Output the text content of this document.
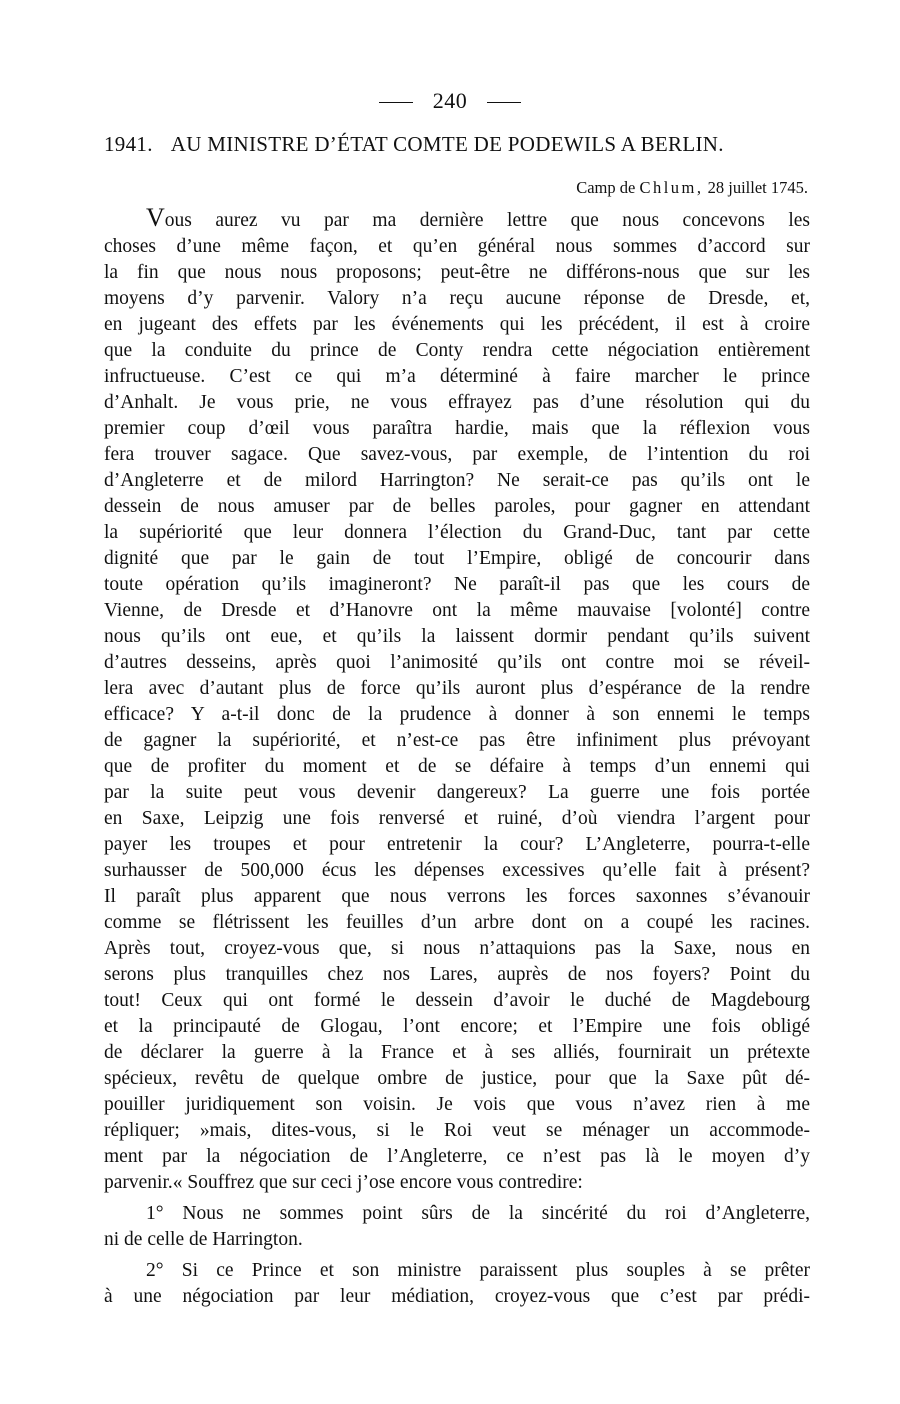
240
1941. AU MINISTRE D’ÉTAT COMTE DE PODEWILS A BERLIN.
Camp de Chlum, 28 juillet 1745.
Vous aurez vu par ma dernière lettre que nous concevons les
choses d’une même façon, et qu’en général nous sommes d’accord sur
la fin que nous nous proposons; peut-être ne différons-nous que sur les
moyens d’y parvenir. Valory n’a reçu aucune réponse de Dresde, et,
en jugeant des effets par les événements qui les précédent, il est à croire
que la conduite du prince de Conty rendra cette négociation entièrement
infructueuse. C’est ce qui m’a déterminé à faire marcher le prince
d’Anhalt. Je vous prie, ne vous effrayez pas d’une résolution qui du
premier coup d’œil vous paraîtra hardie, mais que la réflexion vous
fera trouver sagace. Que savez-vous, par exemple, de l’intention du roi
d’Angleterre et de milord Harrington? Ne serait-ce pas qu’ils ont le
dessein de nous amuser par de belles paroles, pour gagner en attendant
la supériorité que leur donnera l’élection du Grand-Duc, tant par cette
dignité que par le gain de tout l’Empire, obligé de concourir dans
toute opération qu’ils imagineront? Ne paraît-il pas que les cours de
Vienne, de Dresde et d’Hanovre ont la même mauvaise [volonté] contre
nous qu’ils ont eue, et qu’ils la laissent dormir pendant qu’ils suivent
d’autres desseins, après quoi l’animosité qu’ils ont contre moi se réveil-
lera avec d’autant plus de force qu’ils auront plus d’espérance de la rendre
efficace? Y a-t-il donc de la prudence à donner à son ennemi le temps
de gagner la supériorité, et n’est-ce pas être infiniment plus prévoyant
que de profiter du moment et de se défaire à temps d’un ennemi qui
par la suite peut vous devenir dangereux? La guerre une fois portée
en Saxe, Leipzig une fois renversé et ruiné, d’où viendra l’argent pour
payer les troupes et pour entretenir la cour? L’Angleterre, pourra-t-elle
surhausser de 500,000 écus les dépenses excessives qu’elle fait à présent?
Il paraît plus apparent que nous verrons les forces saxonnes s’évanouir
comme se flétrissent les feuilles d’un arbre dont on a coupé les racines.
Après tout, croyez-vous que, si nous n’attaquions pas la Saxe, nous en
serons plus tranquilles chez nos Lares, auprès de nos foyers? Point du
tout! Ceux qui ont formé le dessein d’avoir le duché de Magdebourg
et la principauté de Glogau, l’ont encore; et l’Empire une fois obligé
de déclarer la guerre à la France et à ses alliés, fournirait un prétexte
spécieux, revêtu de quelque ombre de justice, pour que la Saxe pût dé-
pouiller juridiquement son voisin. Je vois que vous n’avez rien à me
répliquer; »mais, dites-vous, si le Roi veut se ménager un accommode-
ment par la négociation de l’Angleterre, ce n’est pas là le moyen d’y
parvenir.« Souffrez que sur ceci j’ose encore vous contredire:
1° Nous ne sommes point sûrs de la sincérité du roi d’Angleterre,
ni de celle de Harrington.
2° Si ce Prince et son ministre paraissent plus souples à se prêter
à une négociation par leur médiation, croyez-vous que c’est par prédi-
